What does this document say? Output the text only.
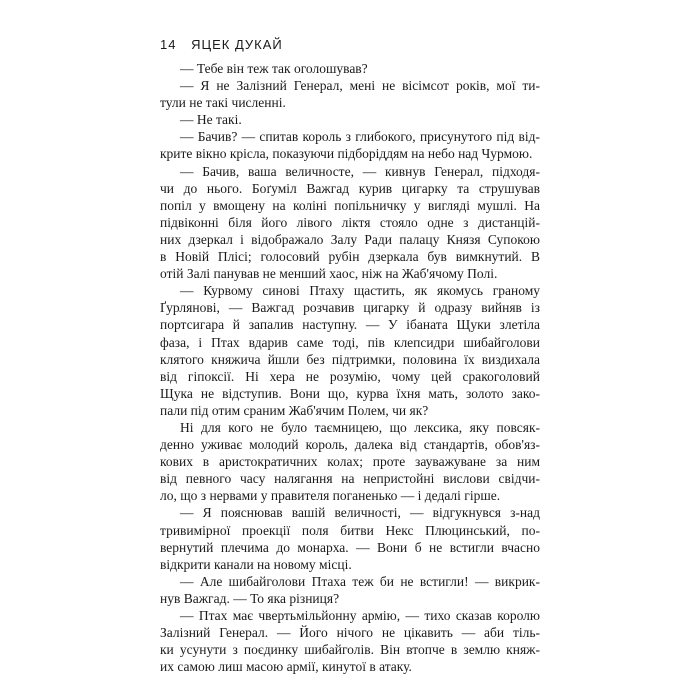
14 ЯЦЕК ДУКАЙ
— Тебе він теж так оголошував?
— Я не Залізний Генерал, мені не вісімсот років, мої ти-
тули не такі численні.
— Не такі.
— Бачив? — спитав король з глибокого, присунутого під від-
крите вікно крісла, показуючи підборіддям на небо над Чурмою.
— Бачив, ваша величносте, — кивнув Генерал, підходя-
чи до нього. Боґуміл Важгад курив цигарку та струшував
попіл у вмощену на коліні попільничку у вигляді мушлі. На
підвіконні біля його лівого ліктя стояло одне з дистанцій-
них дзеркал і відображало Залу Ради палацу Князя Супокою
в Новій Плісі; голосовий рубін дзеркала був вимкнутий. В
отій Залі панував не менший хаос, ніж на Жаб'ячому Полі.
— Курвому синові Птаху щастить, як якомусь граному
Ґурлянові, — Важгад розчавив цигарку й одразу вийняв із
портсигара й запалив наступну. — У ібаната Щуки злетіла
фаза, і Птах вдарив саме тоді, пів клепсидри шибайголови
клятого княжича йшли без підтримки, половина їх виздихала
від гіпоксії. Ні хера не розумію, чому цей сракоголовий
Щука не відступив. Вони що, курва їхня мать, золото зако-
пали під отим сраним Жаб'ячим Полем, чи як?
Ні для кого не було таємницею, що лексика, яку повсяк-
денно уживає молодий король, далека від стандартів, обов'яз-
кових в аристократичних колах; проте зауважуване за ним
від певного часу налягання на непристойні вислови свідчи-
ло, що з нервами у правителя поганенько — і дедалі гірше.
— Я пояснював вашій величності, — відгукнувся з-над
тривимірної проекції поля битви Некс Плюцинський, по-
вернутий плечима до монарха. — Вони б не встигли вчасно
відкрити канали на новому місці.
— Але шибайголови Птаха теж би не встигли! — викрик-
нув Важгад. — То яка різниця?
— Птах має чвертьмільйонну армію, — тихо сказав королю
Залізний Генерал. — Його нічого не цікавить — аби тіль-
ки усунути з поєдинку шибайголів. Він втопче в землю княж-
их самою лиш масою армії, кинутої в атаку.
